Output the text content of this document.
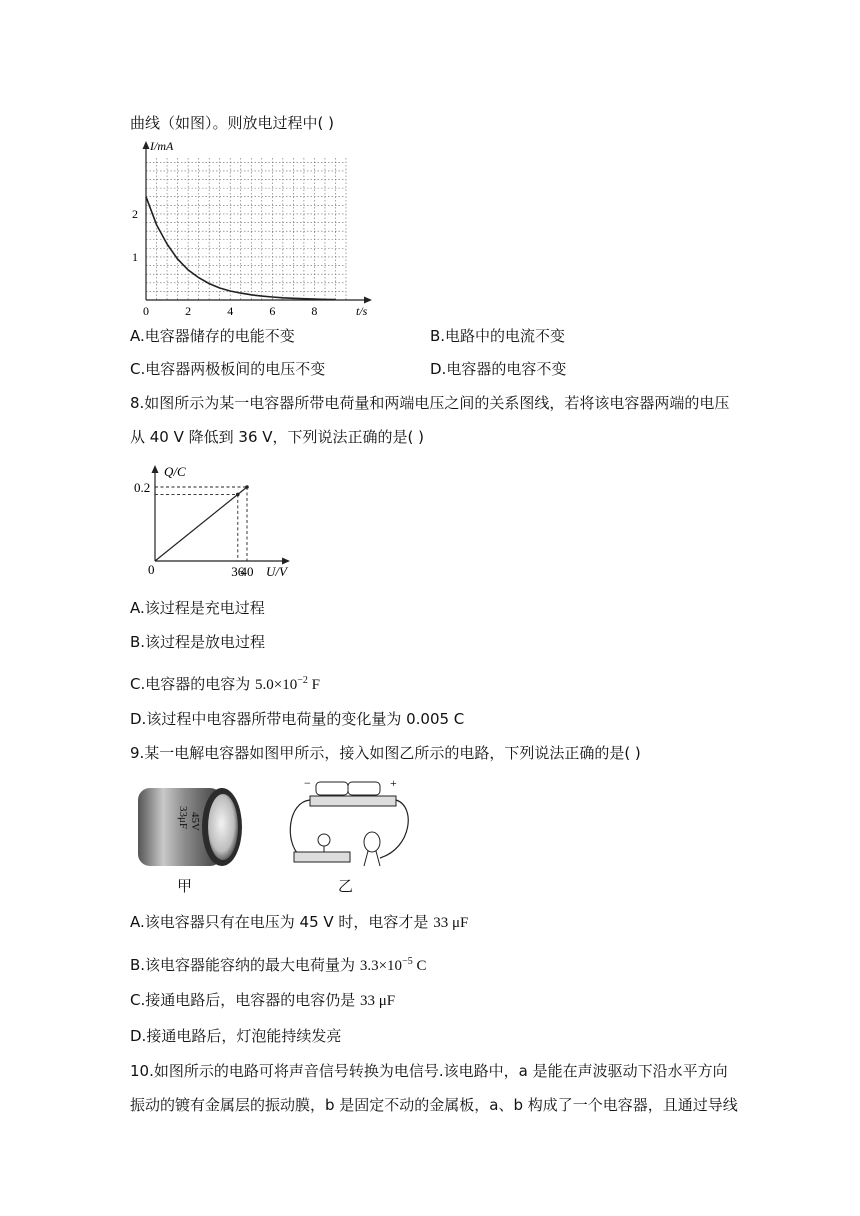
曲线（如图）。则放电过程中( )
I/mA
t/s
0	2	4	6	8
1
2
A.电容器储存的电能不变	B.电路中的电流不变
C.电容器两极板间的电压不变	D.电容器的电容不变
8.如图所示为某一电容器所带电荷量和两端电压之间的关系图线，若将该电容器两端的电压
从 40 V 降低到 36 V，下列说法正确的是( )
Q/C
U/V
0	36
40
0.2
A.该过程是充电过程
B.该过程是放电过程
C.电容器的电容为 $5.0\times 10^{-2}$ F
D.该过程中电容器所带电荷量的变化量为 0.005 C
9.某一电解电容器如图甲所示，接入如图乙所示的电路，下列说法正确的是( )
33μF 45V
甲
−	+
乙
A.该电容器只有在电压为 45 V 时，电容才是 33 μF
B.该电容器能容纳的最大电荷量为 $3.3\times 10^{-5}$ C
C.接通电路后，电容器的电容仍是 33 μF
D.接通电路后，灯泡能持续发亮
10.如图所示的电路可将声音信号转换为电信号.该电路中，a 是能在声波驱动下沿水平方向
振动的镀有金属层的振动膜，b 是固定不动的金属板，a、b 构成了一个电容器，且通过导线
